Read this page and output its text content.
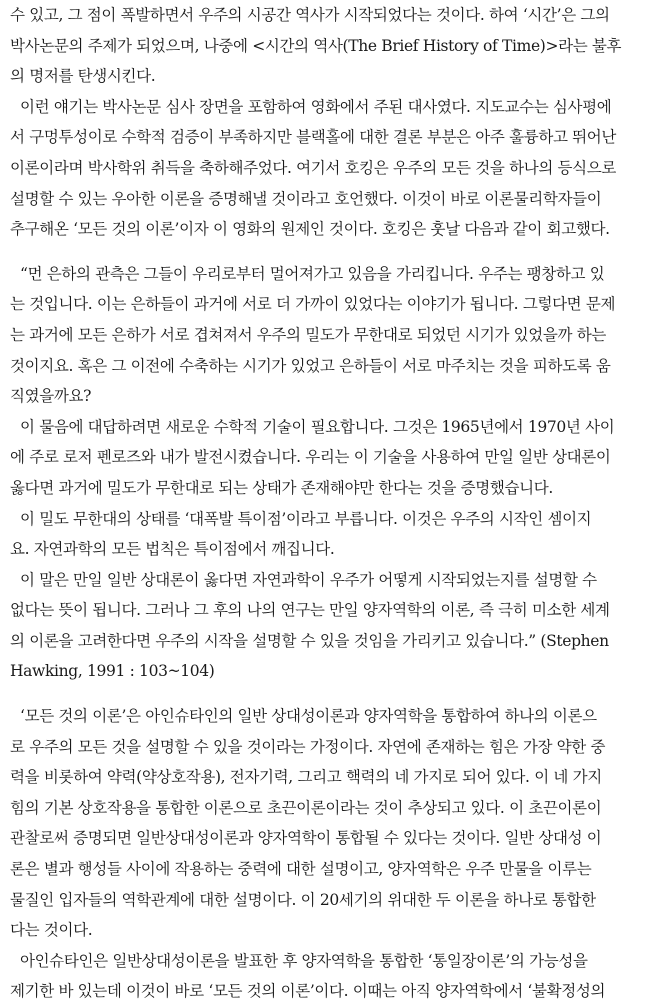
수 있고, 그 점이 폭발하면서 우주의 시공간 역사가 시작되었다는 것이다. 하여 ‘시간’은 그의
박사논문의 주제가 되었으며, 나중에 <시간의 역사(The Brief History of Time)>라는 불후
의 명저를 탄생시킨다.
이런 얘기는 박사논문 심사 장면을 포함하여 영화에서 주된 대사였다. 지도교수는 심사평에
서 구멍투성이로 수학적 검증이 부족하지만 블랙홀에 대한 결론 부분은 아주 훌륭하고 뛰어난
이론이라며 박사학위 취득을 축하해주었다. 여기서 호킹은 우주의 모든 것을 하나의 등식으로
설명할 수 있는 우아한 이론을 증명해낼 것이라고 호언했다. 이것이 바로 이론물리학자들이
추구해온 ‘모든 것의 이론’이자 이 영화의 원제인 것이다. 호킹은 훗날 다음과 같이 회고했다.
“먼 은하의 관측은 그들이 우리로부터 멀어져가고 있음을 가리킵니다. 우주는 팽창하고 있
는 것입니다. 이는 은하들이 과거에 서로 더 가까이 있었다는 이야기가 됩니다. 그렇다면 문제
는 과거에 모든 은하가 서로 겹쳐져서 우주의 밀도가 무한대로 되었던 시기가 있었을까 하는
것이지요. 혹은 그 이전에 수축하는 시기가 있었고 은하들이 서로 마주치는 것을 피하도록 움
직였을까요?
이 물음에 대답하려면 새로운 수학적 기술이 필요합니다. 그것은 1965년에서 1970년 사이
에 주로 로저 펜로즈와 내가 발전시켰습니다. 우리는 이 기술을 사용하여 만일 일반 상대론이
옳다면 과거에 밀도가 무한대로 되는 상태가 존재해야만 한다는 것을 증명했습니다.
이 밀도 무한대의 상태를 ‘대폭발 특이점’이라고 부릅니다. 이것은 우주의 시작인 셈이지
요. 자연과학의 모든 법칙은 특이점에서 깨집니다.
이 말은 만일 일반 상대론이 옳다면 자연과학이 우주가 어떻게 시작되었는지를 설명할 수
없다는 뜻이 됩니다. 그러나 그 후의 나의 연구는 만일 양자역학의 이론, 즉 극히 미소한 세계
의 이론을 고려한다면 우주의 시작을 설명할 수 있을 것임을 가리키고 있습니다.” (Stephen
Hawking, 1991 : 103~104)
‘모든 것의 이론’은 아인슈타인의 일반 상대성이론과 양자역학을 통합하여 하나의 이론으
로 우주의 모든 것을 설명할 수 있을 것이라는 가정이다. 자연에 존재하는 힘은 가장 약한 중
력을 비롯하여 약력(약상호작용), 전자기력, 그리고 핵력의 네 가지로 되어 있다. 이 네 가지
힘의 기본 상호작용을 통합한 이론으로 초끈이론이라는 것이 추상되고 있다. 이 초끈이론이
관찰로써 증명되면 일반상대성이론과 양자역학이 통합될 수 있다는 것이다. 일반 상대성 이
론은 별과 행성들 사이에 작용하는 중력에 대한 설명이고, 양자역학은 우주 만물을 이루는
물질인 입자들의 역학관계에 대한 설명이다. 이 20세기의 위대한 두 이론을 하나로 통합한
다는 것이다.
아인슈타인은 일반상대성이론을 발표한 후 양자역학을 통합한 ‘통일장이론’의 가능성을
제기한 바 있는데 이것이 바로 ‘모든 것의 이론’이다. 이때는 아직 양자역학에서 ‘불확정성의
